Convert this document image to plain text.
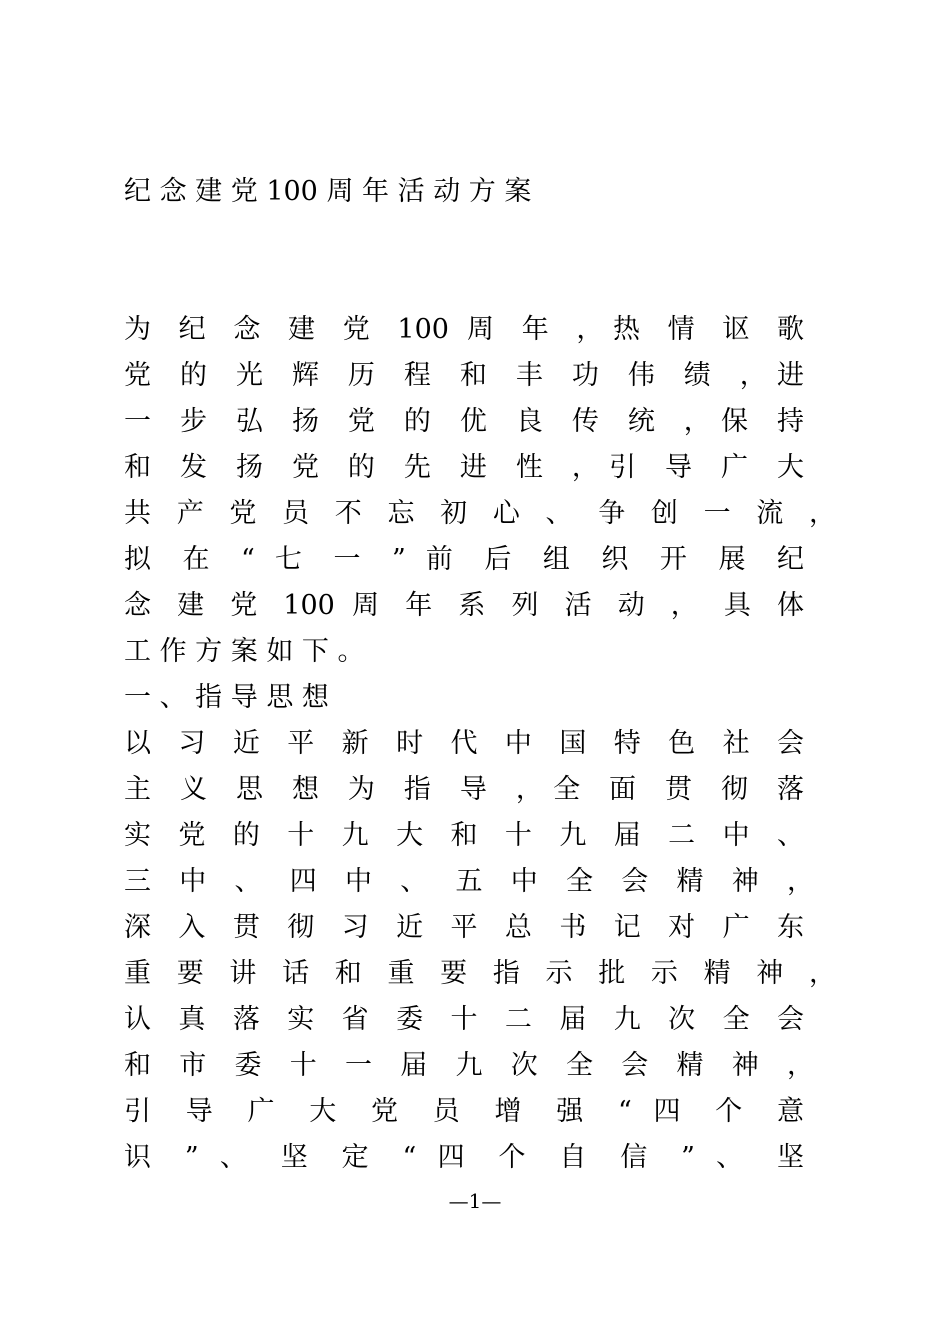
纪 念 建 党 100 周 年 活 动 方 案
为 纪 念 建 党 100 周 年 ，热 情 讴 歌
党 的 光 辉 历 程 和 丰 功 伟 绩 ，进
一 步 弘 扬 党 的 优 良 传 统 ，保 持
和 发 扬 党 的 先 进 性 ，引 导 广 大
共 产 党 员 不 忘 初 心 、 争 创 一 流 ，
拟 在 “ 七 一 ” 前 后 组 织 开 展 纪
念 建 党 100 周 年 系 列 活 动 ， 具 体
工 作 方 案 如 下 。
一 、 指 导 思 想
以 习 近 平 新 时 代 中 国 特 色 社 会
主 义 思 想 为 指 导 ，全 面 贯 彻 落
实 党 的 十 九 大 和 十 九 届 二 中 、
三 中 、 四 中 、 五 中 全 会 精 神 ，
深 入 贯 彻 习 近 平 总 书 记 对 广 东
重 要 讲 话 和 重 要 指 示 批 示 精 神 ，
认 真 落 实 省 委 十 二 届 九 次 全 会
和 市 委 十 一 届 九 次 全 会 精 神 ，
引 导 广 大 党 员 增 强 “ 四 个 意
识 ” 、 坚 定 “ 四 个 自 信 ” 、 坚
—1—
